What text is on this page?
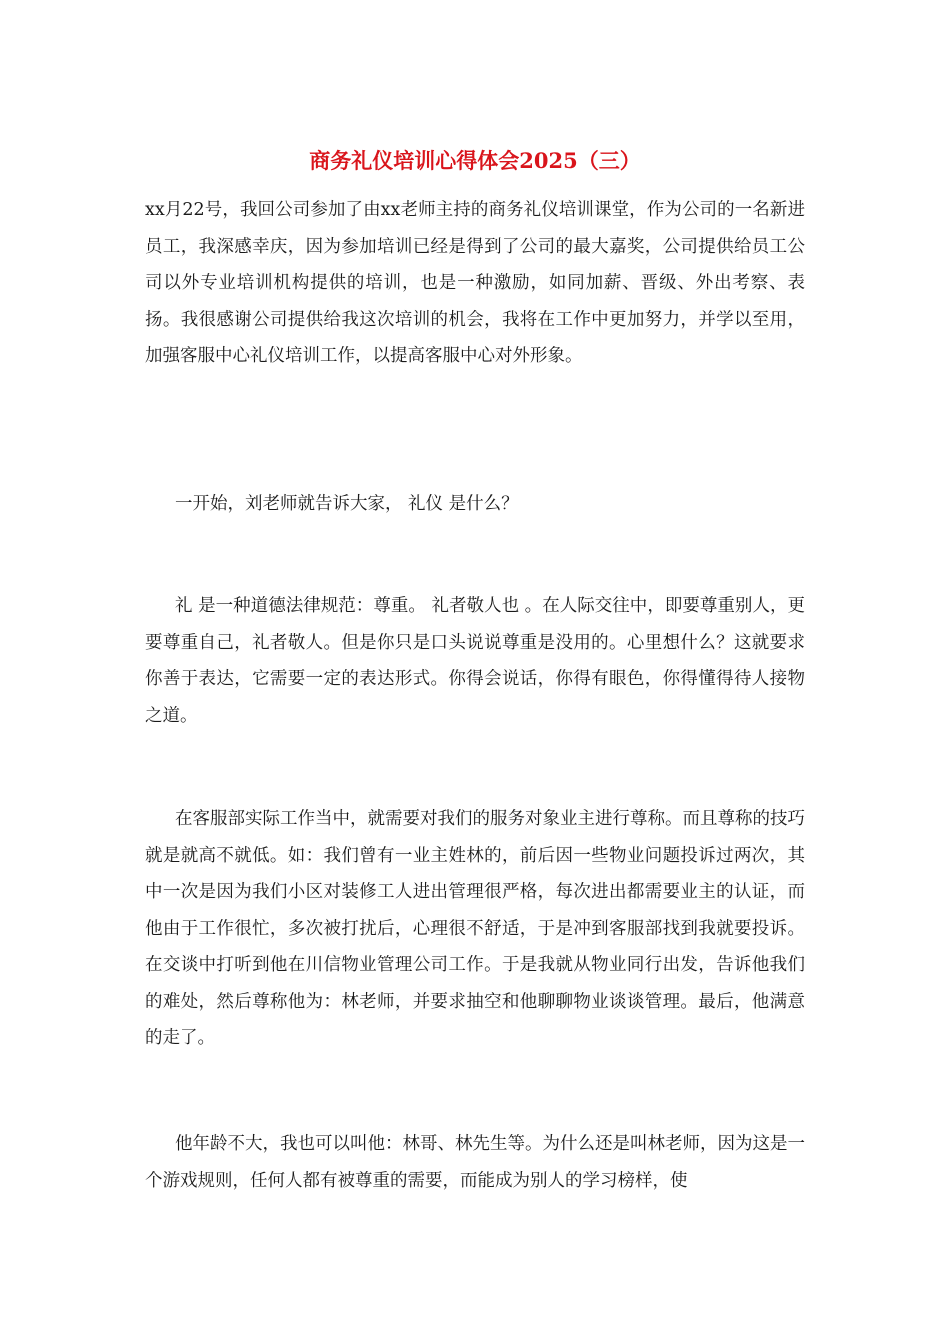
商务礼仪培训心得体会2025（三）

xx月22号，我回公司参加了由xx老师主持的商务礼仪培训课堂，作为公司的一名新进员工，我深感幸庆，因为参加培训已经是得到了公司的最大嘉奖，公司提供给员工公司以外专业培训机构提供的培训，也是一种激励，如同加薪、晋级、外出考察、表扬。我很感谢公司提供给我这次培训的机会，我将在工作中更加努力，并学以至用，加强客服中心礼仪培训工作，以提高客服中心对外形象。

一开始，刘老师就告诉大家， 礼仪 是什么？

礼 是一种道德法律规范：尊重。 礼者敬人也 。在人际交往中，即要尊重别人，更要尊重自己，礼者敬人。但是你只是口头说说尊重是没用的。心里想什么？这就要求你善于表达，它需要一定的表达形式。你得会说话，你得有眼色，你得懂得待人接物之道。

在客服部实际工作当中，就需要对我们的服务对象业主进行尊称。而且尊称的技巧就是就高不就低。如：我们曾有一业主姓林的，前后因一些物业问题投诉过两次，其中一次是因为我们小区对装修工人进出管理很严格，每次进出都需要业主的认证，而他由于工作很忙，多次被打扰后，心理很不舒适，于是冲到客服部找到我就要投诉。在交谈中打听到他在川信物业管理公司工作。于是我就从物业同行出发，告诉他我们的难处，然后尊称他为：林老师，并要求抽空和他聊聊物业谈谈管理。最后，他满意的走了。

他年龄不大，我也可以叫他：林哥、林先生等。为什么还是叫林老师，因为这是一个游戏规则，任何人都有被尊重的需要，而能成为别人的学习榜样，使
